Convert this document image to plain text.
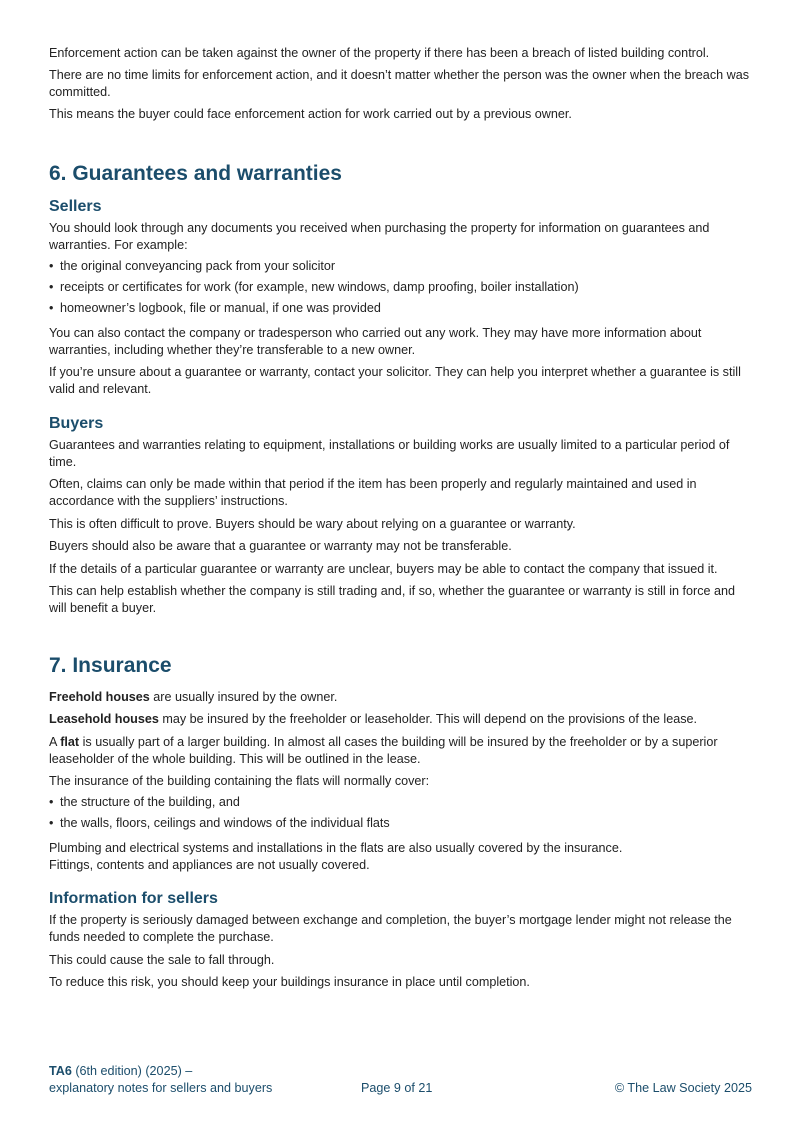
Enforcement action can be taken against the owner of the property if there has been a breach of listed building control.

There are no time limits for enforcement action, and it doesn’t matter whether the person was the owner when the breach was committed.

This means the buyer could face enforcement action for work carried out by a previous owner.

6. Guarantees and warranties
Sellers

You should look through any documents you received when purchasing the property for information on guarantees and warranties. For example:

• the original conveyancing pack from your solicitor
• receipts or certificates for work (for example, new windows, damp proofing, boiler installation)
• homeowner’s logbook, file or manual, if one was provided

You can also contact the company or tradesperson who carried out any work. They may have more information about warranties, including whether they’re transferable to a new owner.

If you’re unsure about a guarantee or warranty, contact your solicitor. They can help you interpret whether a guarantee is still valid and relevant.

Buyers

Guarantees and warranties relating to equipment, installations or building works are usually limited to a particular period of time.

Often, claims can only be made within that period if the item has been properly and regularly maintained and used in accordance with the suppliers’ instructions.

This is often difficult to prove. Buyers should be wary about relying on a guarantee or warranty.

Buyers should also be aware that a guarantee or warranty may not be transferable.

If the details of a particular guarantee or warranty are unclear, buyers may be able to contact the company that issued it.

This can help establish whether the company is still trading and, if so, whether the guarantee or warranty is still in force and will benefit a buyer.

7. Insurance

Freehold houses are usually insured by the owner.

Leasehold houses may be insured by the freeholder or leaseholder. This will depend on the provisions of the lease.

A flat is usually part of a larger building. In almost all cases the building will be insured by the freeholder or by a superior leaseholder of the whole building. This will be outlined in the lease.

The insurance of the building containing the flats will normally cover:

• the structure of the building, and
• the walls, floors, ceilings and windows of the individual flats

Plumbing and electrical systems and installations in the flats are also usually covered by the insurance.
Fittings, contents and appliances are not usually covered.

Information for sellers

If the property is seriously damaged between exchange and completion, the buyer’s mortgage lender might not release the funds needed to complete the purchase.

This could cause the sale to fall through.

To reduce this risk, you should keep your buildings insurance in place until completion.

TA6 (6th edition) (2025) –
explanatory notes for sellers and buyers	Page 9 of 21	© The Law Society 2025
